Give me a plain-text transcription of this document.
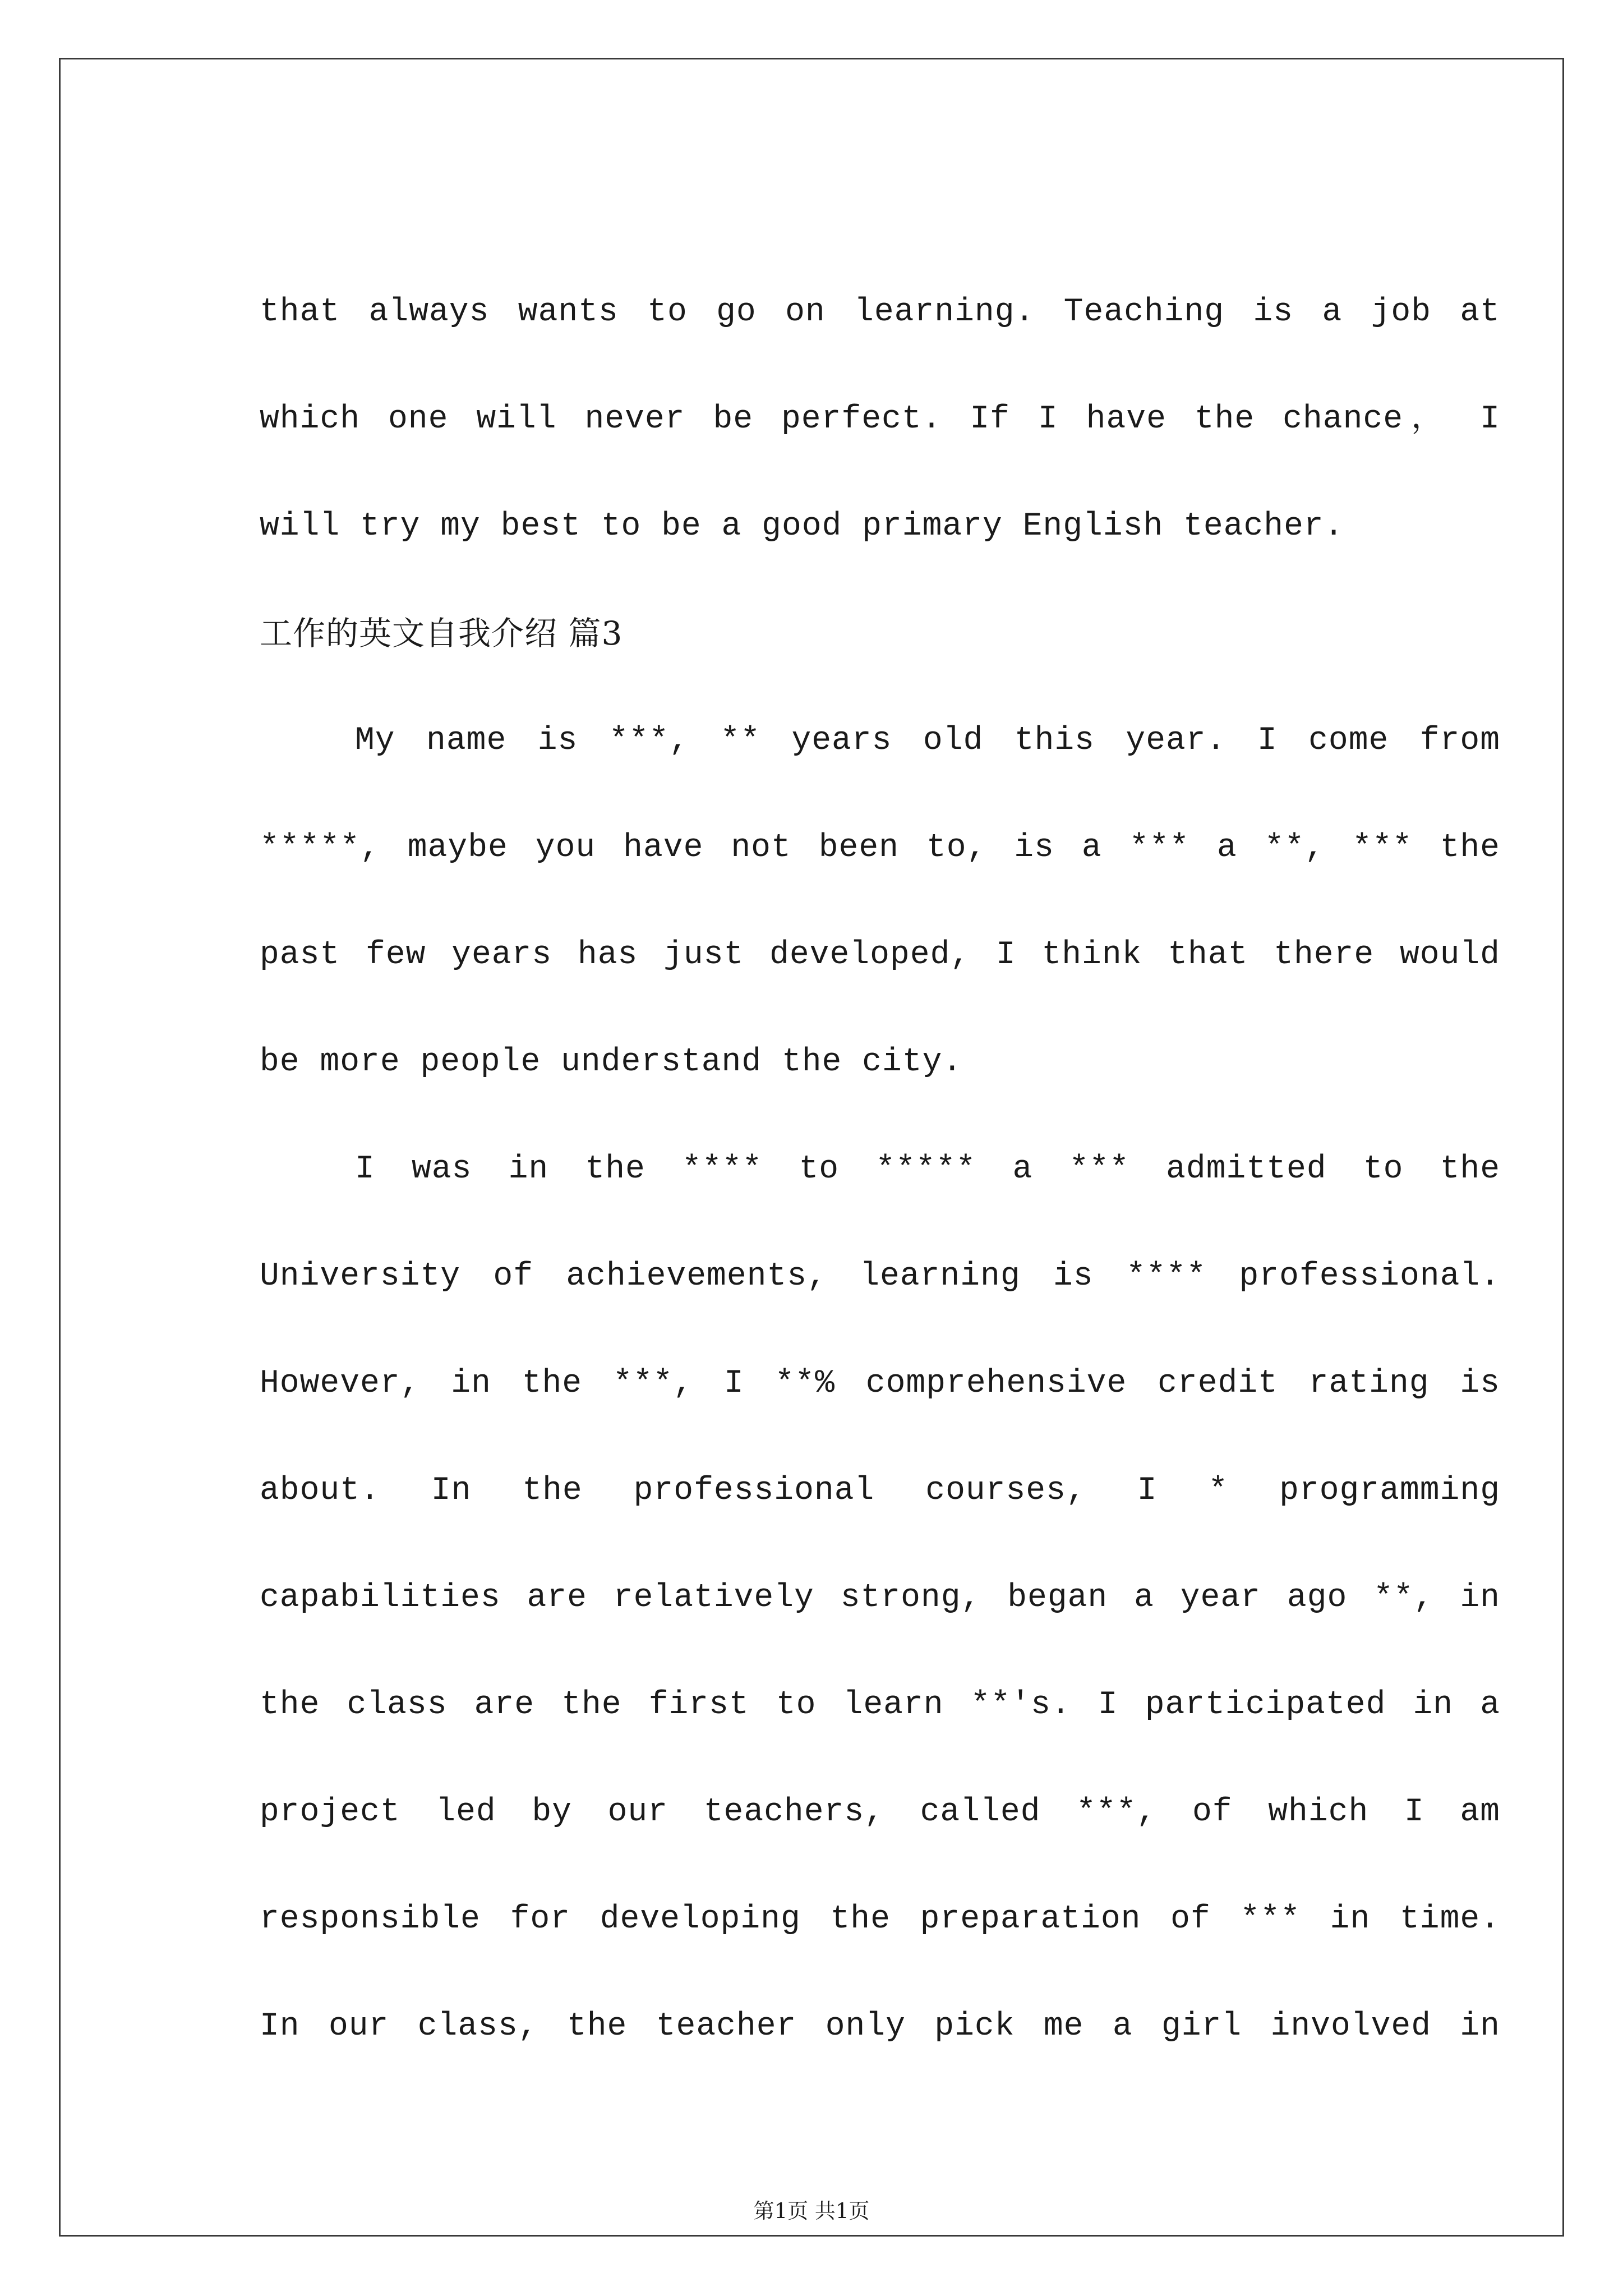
that always wants to go on learning. Teaching is a job at
which one will never be perfect. If I have the chance， I
will try my best to be a good primary English teacher.
工作的英文自我介绍 篇3
My name is ***, ** years old this year. I come from
*****, maybe you have not been to, is a *** a **, *** the
past few years has just developed, I think that there would
be more people understand the city.
I was in the **** to ***** a *** admitted to the
University of achievements, learning is **** professional.
However, in the ***, I **% comprehensive credit rating is
about. In the professional courses, I * programming
capabilities are relatively strong, began a year ago **, in
the class are the first to learn **'s. I participated in a
project led by our teachers, called ***, of which I am
responsible for developing the preparation of *** in time.
In our class, the teacher only pick me a girl involved in
第1页 共1页
